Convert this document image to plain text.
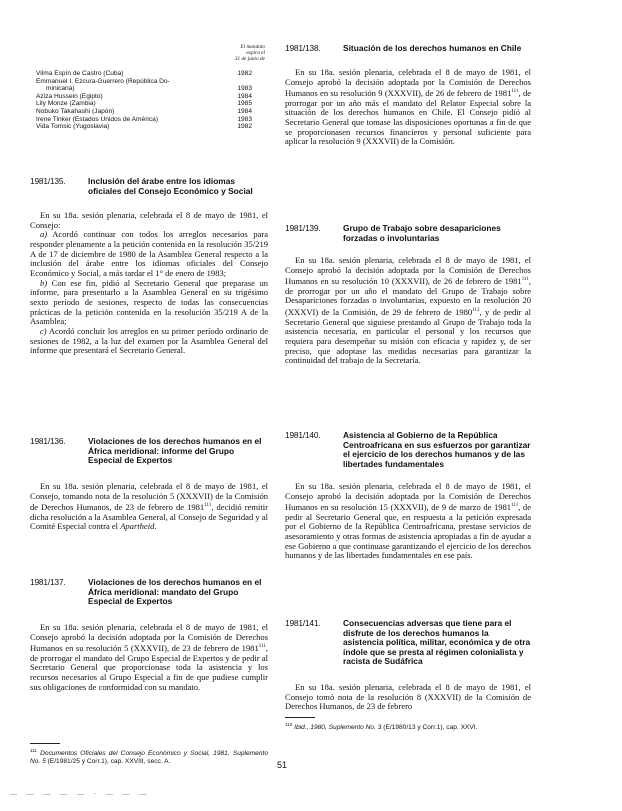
El mandato
expira el
31 de junio de
Vilma Espín de Castro (Cuba)	1982
Emmanuel I. Ezcura-Guerrero (República Do-
minicana)	1983
Aziza Hussein (Egipto)	1984
Lily Monze (Zambia)	1985
Nobuko Takahashi (Japón)	1984
Irene Tinker (Estados Unidos de América)	1983
Vida Tomsic (Yugoslavia)	1982
1981/135.	Inclusión del árabe entre los idiomas oficiales del Consejo Económico y Social

En su 18a. sesión plenaria, celebrada el 8 de mayo de 1981, el Consejo:

a) Acordó continuar con todos los arreglos necesarios para responder plenamente a la petición contenida en la resolución 35/219 A de 17 de diciembre de 1980 de la Asamblea General respecto a la inclusión del árabe entre los idiomas oficiales del Consejo Económico y Social, a más tardar el 1° de enero de 1983;

b) Con ese fin, pidió al Secretario General que preparase un informe, para presentarlo a la Asamblea General en su trigésimo sexto período de sesiones, respecto de todas las consecuencias prácticas de la petición contenida en la resolución 35/219 A de la Asamblea;

c) Acordó concluir los arreglos en su primer período ordinario de sesiones de 1982, a la luz del examen por la Asamblea General del informe que presentará el Secretario General.

1981/136.	Violaciones de los derechos humanos en el África meridional: informe del Grupo Especial de Expertos

En su 18a. sesión plenaria, celebrada el 8 de mayo de 1981, el Consejo, tomando nota de la resolución 5 (XXXVII) de la Comisión de Derechos Humanos, de 23 de febrero de 1981$^{111}$, decidió remitir dicha resolución a la Asamblea General, al Consejo de Seguridad y al Comité Especial contra el Apartheid.

1981/137.	Violaciones de los derechos humanos en el África meridional: mandato del Grupo Especial de Expertos

En su 18a. sesión plenaria, celebrada el 8 de mayo de 1981, el Consejo aprobó la decisión adoptada por la Comisión de Derechos Humanos en su resolución 5 (XXXVII), de 23 de febrero de 1981$^{111}$, de prorrogar el mandato del Grupo Especial de Expertos y de pedir al Secretario General que proporcionase toda la asistencia y los recursos necesarios al Grupo Especial a fin de que pudiese cumplir sus obligaciones de conformidad con su mandato.

$^{111}$ Documentos Oficiales del Consejo Económico y Social, 1981, Suplemento No. 5 (E/1981/25 y Corr.1), cap. XXVIII, secc. A.
1981/138.	Situación de los derechos humanos en Chile

En su 18a. sesión plenaria, celebrada el 8 de mayo de 1981, el Consejo aprobó la decisión adoptada por la Comisión de Derechos Humanos en su resolución 9 (XXXVII), de 26 de febrero de 1981$^{111}$, de prorrogar por un año más el mandato del Relator Especial sobre la situación de los derechos humanos en Chile. El Consejo pidió al Secretario General que tomase las disposiciones oportunas a fin de que se proporcionasen recursos financieros y personal suficiente para aplicar la resolución 9 (XXXVII) de la Comisión.

1981/139.	Grupo de Trabajo sobre desapariciones forzadas o involuntarias

En su 18a. sesión plenaria, celebrada el 8 de mayo de 1981, el Consejo aprobó la decisión adoptada por la Comisión de Derechos Humanos en su resolución 10 (XXXVII), de 26 de febrero de 1981$^{111}$, de prorrogar por un año el mandato del Grupo de Trabajo sobre Desapariciones forzadas o involuntarias, expuesto en la resolución 20 (XXXVI) de la Comisión, de 29 de febrero de 1980$^{112}$, y de pedir al Secretario General que siguiese prestando al Grupo de Trabajo toda la asistencia necesaria, en particular el personal y los recursos que requiera para desempeñar su misión con eficacia y rapidez y, de ser preciso, que adoptase las medidas necesarias para garantizar la continuidad del trabajo de la Secretaría.

1981/140.	Asistencia al Gobierno de la República Centroafricana en sus esfuerzos por garantizar el ejercicio de los derechos humanos y de las libertades fundamentales

En su 18a. sesión plenaria, celebrada el 8 de mayo de 1981, el Consejo aprobó la decisión adoptada por la Comisión de Derechos Humanos en su resolución 15 (XXXVII), de 9 de marzo de 1981$^{111}$, de pedir al Secretario General que, en respuesta a la petición expresada por el Gobierno de la República Centroafricana, prestase servicios de asesoramiento y otras formas de asistencia apropiadas a fin de ayudar a ese Gobierno a que continuase garantizando el ejercicio de los derechos humanos y de las libertades fundamentales en ese país.

1981/141.	Consecuencias adversas que tiene para el disfrute de los derechos humanos la asistencia política, militar, económica y de otra índole que se presta al régimen colonialista y racista de Sudáfrica

En su 18a. sesión plenaria, celebrada el 8 de mayo de 1981, el Consejo tomó nota de la resolución 8 (XXXVII) de la Comisión de Derechos Humanos, de 23 de febrero

$^{112}$ Ibid., 1980, Suplemento No. 3 (E/1980/13 y Corr.1), cap. XXVI.
51
— — — — — · — — —
